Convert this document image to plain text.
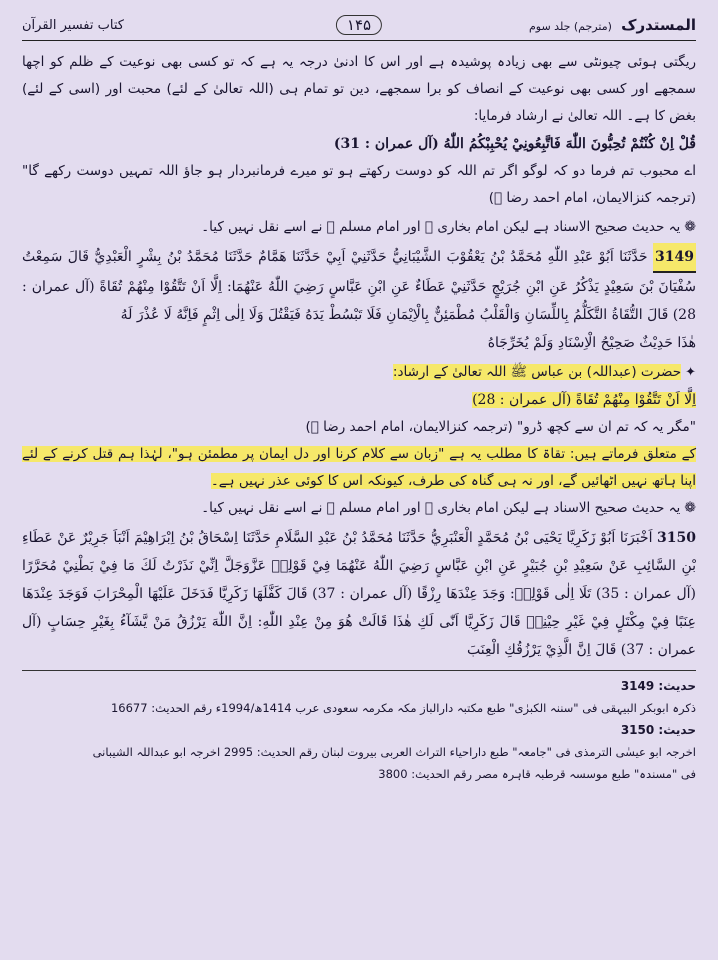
المستدرک (مترجم) جلد سوم
۱۴۵
کتاب تفسیر القرآن

ریگتی ہوئی چیونٹی سے بھی زیادہ پوشیدہ ہے اور اس کا ادنیٰ درجہ یہ ہے کہ تو کسی بھی نوعیت کے ظلم کو اچھا سمجھے اور کسی بھی نوعیت کے انصاف کو برا سمجھے، دین تو تمام ہی (اللہ تعالیٰ کے لئے) محبت اور (اسی کے لئے) بغض کا ہے۔ اللہ تعالیٰ نے ارشاد فرمایا:

قُلْ اِنْ كُنْتُمْ تُحِبُّونَ اللّٰهَ فَاتَّبِعُونِيْ يُحْبِبْكُمُ اللّٰهُ (آل عمران : 31)

اے محبوب تم فرما دو کہ لوگو اگر تم اللہ کو دوست رکھتے ہو تو میرے فرمانبردار ہو جاؤ اللہ تمہیں دوست رکھے گا" (ترجمہ کنزالایمان، امام احمد رضا ﷫)

❁یہ حدیث صحیح الاسناد ہے لیکن امام بخاری ﷫ اور امام مسلم ﷫ نے اسے نقل نہیں کیا۔

3149 حَدَّثَنَا اَبُوْ عَبْدِ اللّٰهِ مُحَمَّدُ بْنُ يَعْقُوْبَ الشَّيْبَانِيُّ حَدَّثَنِيْ اَبِيْ حَدَّثَنَا هَمَّامٌ حَدَّثَنَا مُحَمَّدُ بْنُ بِشْرٍ الْعَبْدِيُّ قَالَ سَمِعْتُ سُفْيَانَ بْنَ سَعِيْدٍ يَذْكُرُ عَنِ ابْنِ جُرَيْجٍ حَدَّثَنِيْ عَطَاءٌ عَنِ ابْنِ عَبَّاسٍ رَضِيَ اللّٰهُ عَنْهُمَا: اِلَّا اَنْ تَتَّقُوْا مِنْهُمْ تُقَاةً (آل عمران : 28) قَالَ التُّقَاةُ التَّكَلُّمُ بِاللِّسَانِ وَالْقَلْبُ مُطْمَئِنٌّ بِالْاِيْمَانِ فَلَا تَبْسُطْ يَدَهُ فَيَقْتُلَ وَلَا اِلٰى اِثْمٍ فَاِنَّهُ لَا عُذْرَ لَهُ

هٰذَا حَدِيْثٌ صَحِيْحُ الْاِسْنَادِ وَلَمْ يُخَرِّجَاهُ

✦حضرت (عبداللہ) بن عباس ﷺ اللہ تعالیٰ کے ارشاد:

اِلَّا اَنْ تَتَّقُوْا مِنْهُمْ تُقَاةً (آل عمران : 28)

"مگر یہ کہ تم ان سے کچھ ڈرو" (ترجمہ کنزالایمان، امام احمد رضا ﷫)

کے متعلق فرماتے ہیں: تقاۃ کا مطلب یہ ہے "زبان سے کلام کرنا اور دل ایمان پر مطمئن ہو"، لہٰذا ہم قتل کرنے کے لئے اپنا ہاتھ نہیں اٹھائیں گے، اور نہ ہی گناہ کی طرف، کیونکہ اس کا کوئی عذر نہیں ہے۔

❁یہ حدیث صحیح الاسناد ہے لیکن امام بخاری ﷫ اور امام مسلم ﷫ نے اسے نقل نہیں کیا۔

3150 اَخْبَرَنَا اَبُوْ زَكَرِيَّا يَحْيَى بْنُ مُحَمَّدٍ الْعَنْبَرِيُّ حَدَّثَنَا مُحَمَّدُ بْنُ عَبْدِ السَّلَامِ حَدَّثَنَا اِسْحَاقُ بْنُ اِبْرَاهِيْمَ اَنْبَاَ جَرِيْرٌ عَنْ عَطَاءِ بْنِ السَّائِبِ عَنْ سَعِيْدِ بْنِ جُبَيْرٍ عَنِ ابْنِ عَبَّاسٍ رَضِيَ اللّٰهُ عَنْهُمَا فِيْ قَوْلِهٖ عَزَّوَجَلَّ اِنِّيْ نَذَرْتُ لَكَ مَا فِيْ بَطْنِيْ مُحَرَّرًا (آل عمران : 35) تَلَا اِلٰى قَوْلِهٖ: وَجَدَ عِنْدَهَا رِزْقًا (آل عمران : 37) قَالَ كَفَّلَهَا زَكَرِيَّا فَدَخَلَ عَلَيْهَا الْمِحْرَابَ فَوَجَدَ عِنْدَهَا عِنَبًا فِيْ مِكْتَلٍ فِيْ غَيْرِ حِيْنِهٖ قَالَ زَكَرِيَّا اَنّٰى لَكِ هٰذَا قَالَتْ هُوَ مِنْ عِنْدِ اللّٰهِ: اِنَّ اللّٰهَ يَرْزُقُ مَنْ يَّشَآءُ بِغَيْرِ حِسَابٍ (آل عمران : 37) قَالَ اِنَّ الَّذِيْ يَرْزُقُكِ الْعِنَبَ

حدیث: 3149
ذکرہ ابوبکر البیہقی فی "سننہ الکبرٰی" طبع مکتبہ دارالباز مکہ مکرمہ سعودی عرب 1414ھ/1994ء رقم الحدیث: 16677
حدیث: 3150
اخرجہ ابو عیسٰی الترمذی فی "جامعہ" طبع داراحیاء التراث العربی بیروت لبنان رقم الحدیث: 2995 اخرجہ ابو عبداللہ الشیبانی
فی "مسندہ" طبع موسسہ قرطبہ قاہرہ مصر رقم الحدیث: 3800
